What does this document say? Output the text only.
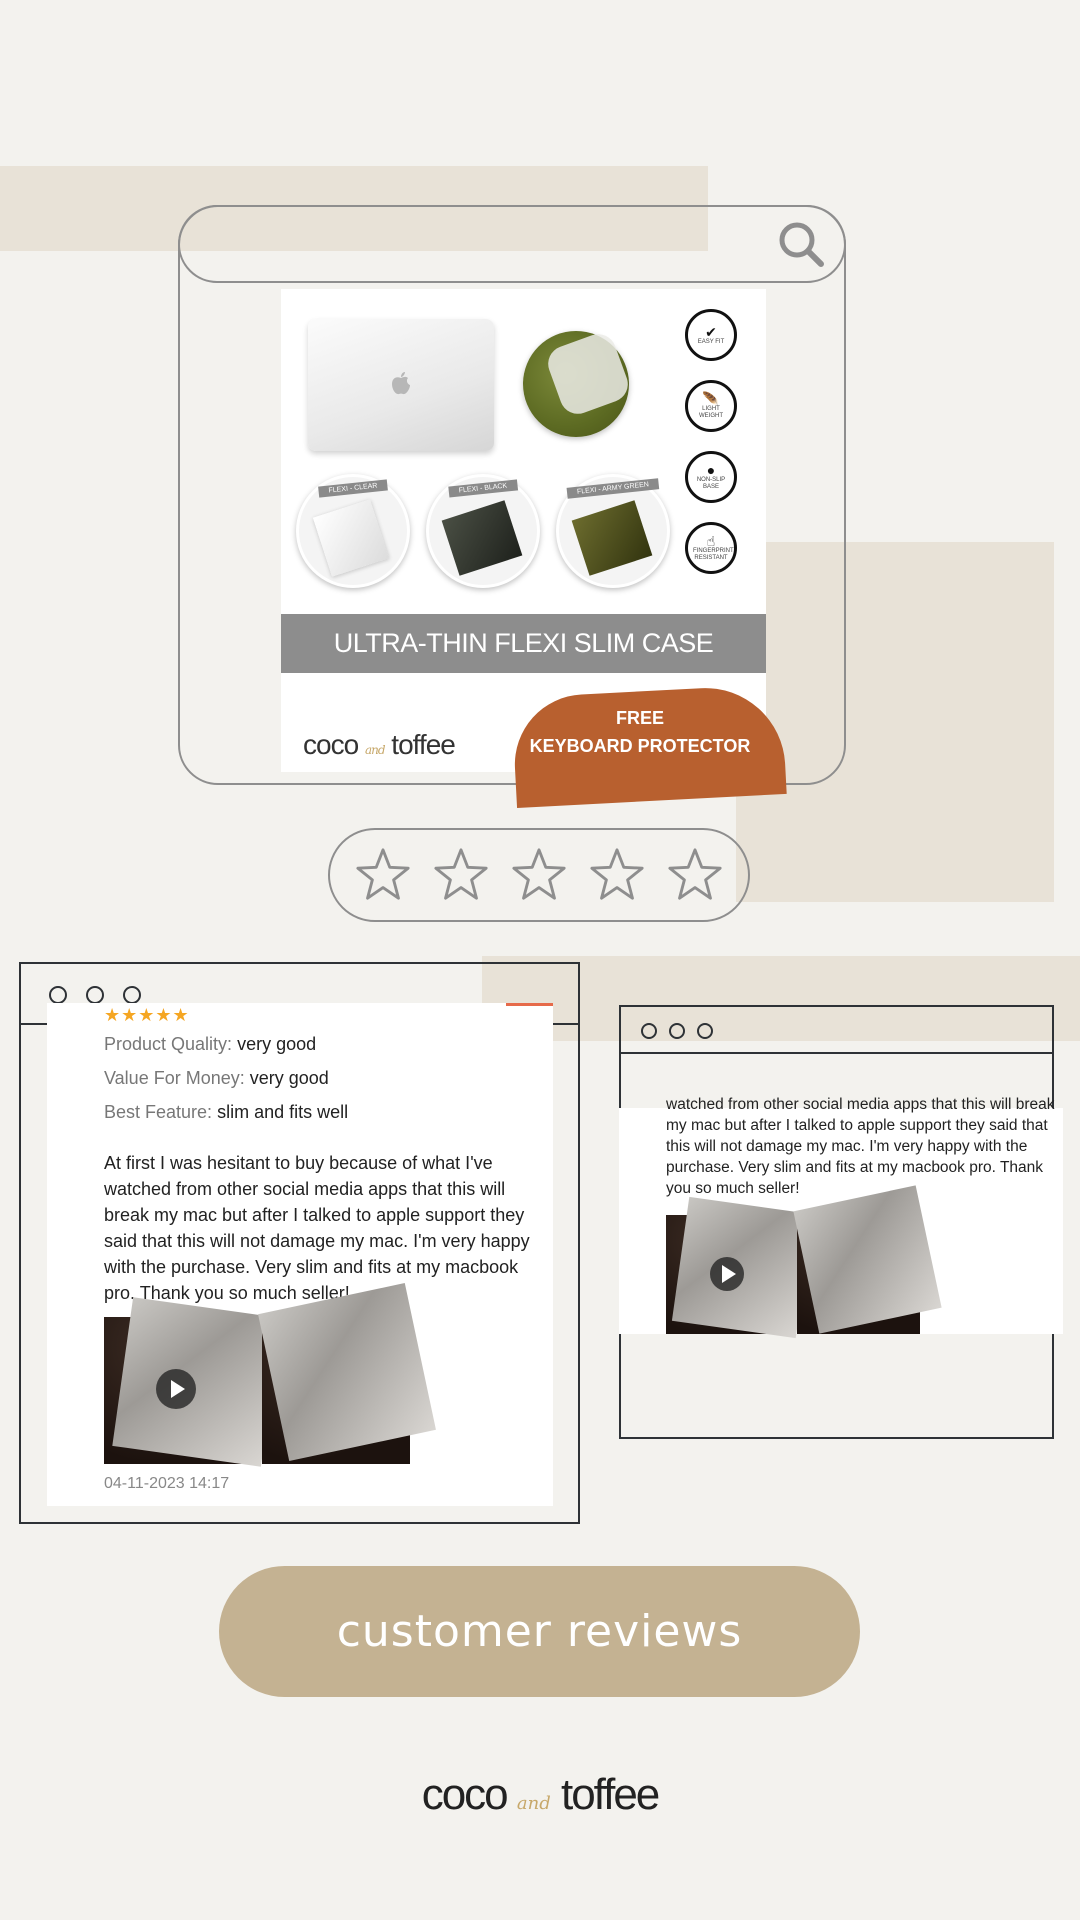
FLEXI - CLEAR	FLEXI - BLACK	FLEXI - ARMY GREEN
✔
EASY FIT
🪶
LIGHT WEIGHT
●
NON-SLIP BASE
☝
FINGERPRINT RESISTANT
ULTRA-THIN FLEXI SLIM CASE
coco and toffee
FREE
KEYBOARD PROTECTOR
★★★★★
Product Quality: very good
Value For Money: very good
Best Feature: slim and fits well
At first I was hesitant to buy because of what I've watched from other social media apps that this will break my mac but after I talked to apple support they said that this will not damage my mac. I'm very happy with the purchase. Very slim and fits at my macbook pro. Thank you so much seller!
04-11-2023 14:17
watched from other social media apps that this will break my mac but after I talked to apple support they said that this will not damage my mac. I'm very happy with the purchase. Very slim and fits at my macbook pro. Thank you so much seller!
customer reviews
coco and toffee
